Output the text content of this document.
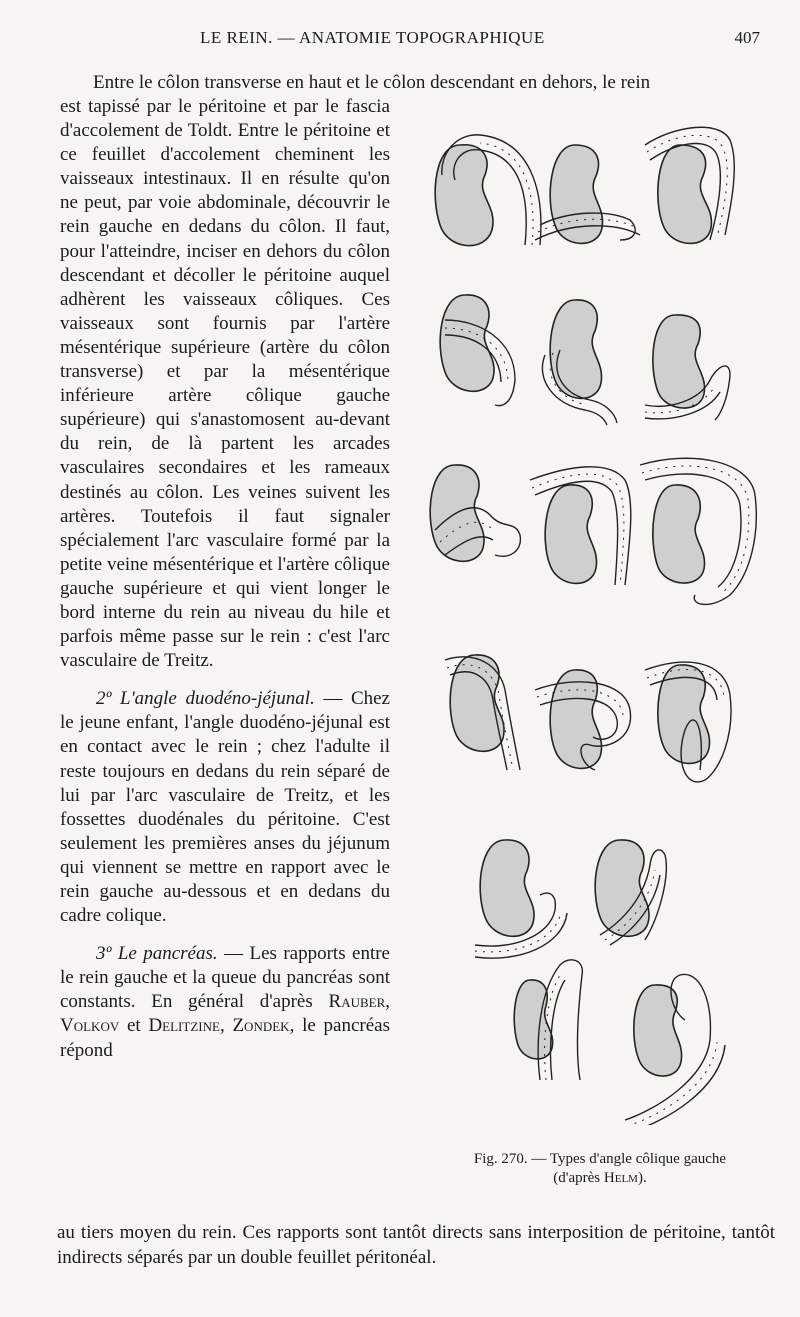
LE REIN. — ANATOMIE TOPOGRAPHIQUE	407

Entre le côlon transverse en haut et le côlon descendant en dehors, le rein

est tapissé par le péritoine et par le fascia d'accolement de Toldt. Entre le péritoine et ce feuillet d'accolement cheminent les vaisseaux intestinaux. Il en résulte qu'on ne peut, par voie abdominale, découvrir le rein gauche en dedans du côlon. Il faut, pour l'atteindre, inciser en dehors du côlon descendant et décoller le péritoine auquel adhèrent les vaisseaux côliques. Ces vaisseaux sont fournis par l'artère mésentérique supérieure (artère du côlon transverse) et par la mésentérique inférieure artère côlique gauche supérieure) qui s'anastomosent au-devant du rein, de là partent les arcades vasculaires secondaires et les rameaux destinés au côlon. Les veines suivent les artères. Toutefois il faut signaler spécialement l'arc vasculaire formé par la petite veine mésentérique et l'artère côlique gauche supérieure et qui vient longer le bord interne du rein au niveau du hile et parfois même passe sur le rein : c'est l'arc vasculaire de Treitz.

2º L'angle duodéno-jéjunal. — Chez le jeune enfant, l'angle duodéno-jéjunal est en contact avec le rein ; chez l'adulte il reste toujours en dedans du rein séparé de lui par l'arc vasculaire de Treitz, et les fossettes duodénales du péritoine. C'est seulement les premières anses du jéjunum qui viennent se mettre en rapport avec le rein gauche au-dessous et en dedans du cadre colique.

3º Le pancréas. — Les rapports entre le rein gauche et la queue du pancréas sont constants. En général d'après Rauber, Volkov et Delitzine, Zondek, le pancréas répond

au tiers moyen du rein. Ces rapports sont tantôt directs sans interposition de péritoine, tantôt indirects séparés par un double feuillet péritonéal.

Fig. 270. — Types d'angle côlique gauche
(d'après Helm).
